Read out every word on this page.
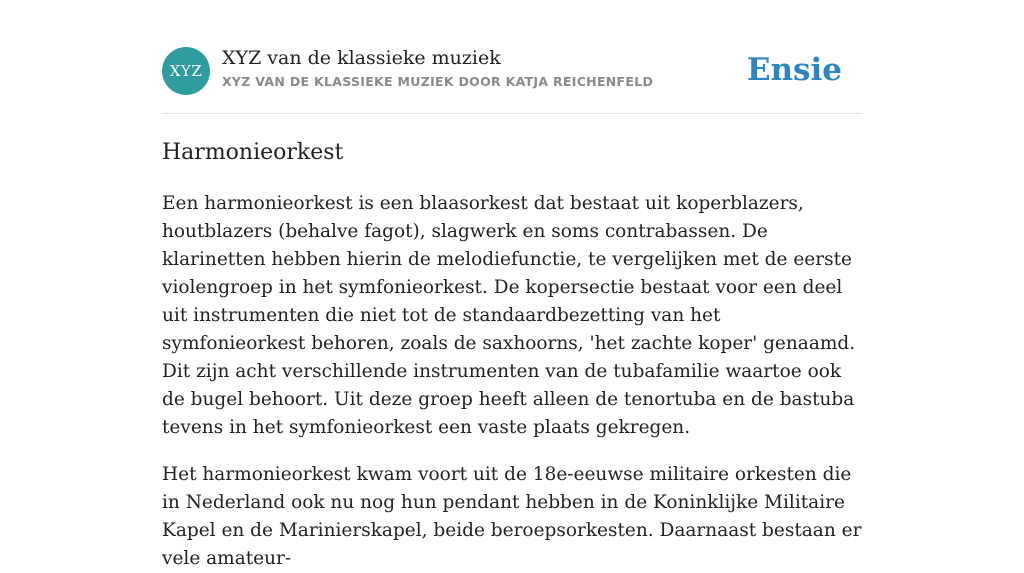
XYZ
XYZ van de klassieke muziek
XYZ VAN DE KLASSIEKE MUZIEK DOOR KATJA REICHENFELD	Ensie
Harmonieorkest

Een harmonieorkest is een blaasorkest dat bestaat uit koperblazers, houtblazers (behalve fagot), slagwerk en soms contrabassen. De klarinetten hebben hierin de melodiefunctie, te vergelijken met de eerste violengroep in het symfonieorkest. De kopersectie bestaat voor een deel uit instrumenten die niet tot de standaardbezetting van het symfonieorkest behoren, zoals de saxhoorns, 'het zachte koper' genaamd. Dit zijn acht verschillende instrumenten van de tubafamilie waartoe ook de bugel behoort. Uit deze groep heeft alleen de tenortuba en de bastuba tevens in het symfonieorkest een vaste plaats gekregen.

Het harmonieorkest kwam voort uit de 18e-eeuwse militaire orkesten die in Nederland ook nu nog hun pendant hebben in de Koninklijke Militaire Kapel en de Marinierskapel, beide beroepsorkesten. Daarnaast bestaan er vele amateur-
